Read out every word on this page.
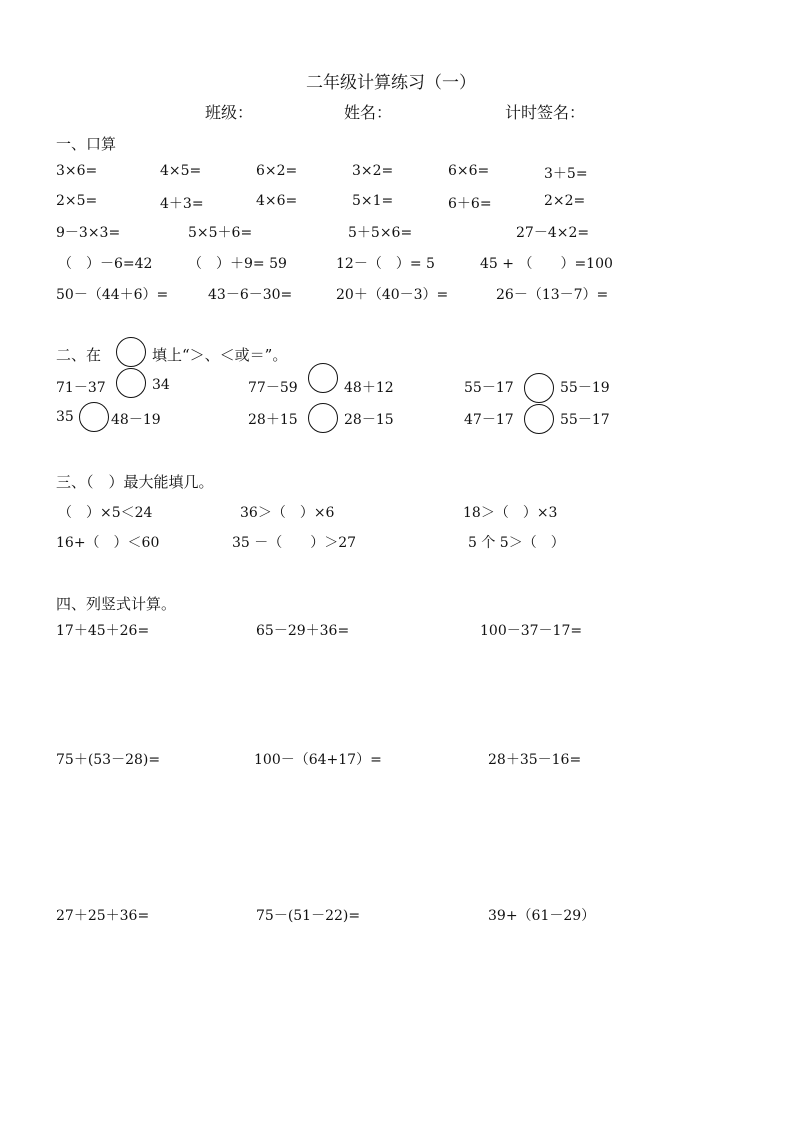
二年级计算练习（一）
班级：	姓名：	计时签名：
一、口算
3×6=	4×5=	6×2=	3×2=	6×6=	3＋5=
2×5=	4＋3=	4×6=	5×1=	6＋6=	2×2=
9－3×3=	5×5＋6=	5＋5×6=	27－4×2=
（　）－6=42	（　）＋9= 59	12－（　）= 5	45 + （　　）=100
50－（44＋6）=	43－6－30=	20＋（40－3）=	26－（13－7）=
二、在	填上“＞、＜或＝”。
71－37	34	77－59	48＋12	55－17	55－19
35	48－19	28＋15	28－15	47－17	55－17
三、（　）最大能填几。
（　）×5＜24	36＞（　）×6	18＞（　）×3
16+（　）＜60	35 －（　　）＞27	5 个 5＞（　）
四、列竖式计算。
17＋45＋26=	65－29＋36=	100－37－17=
75＋(53－28)=	100－（64+17）=	28＋35－16=
27＋25＋36=	75－(51－22)=	39+（61－29）
